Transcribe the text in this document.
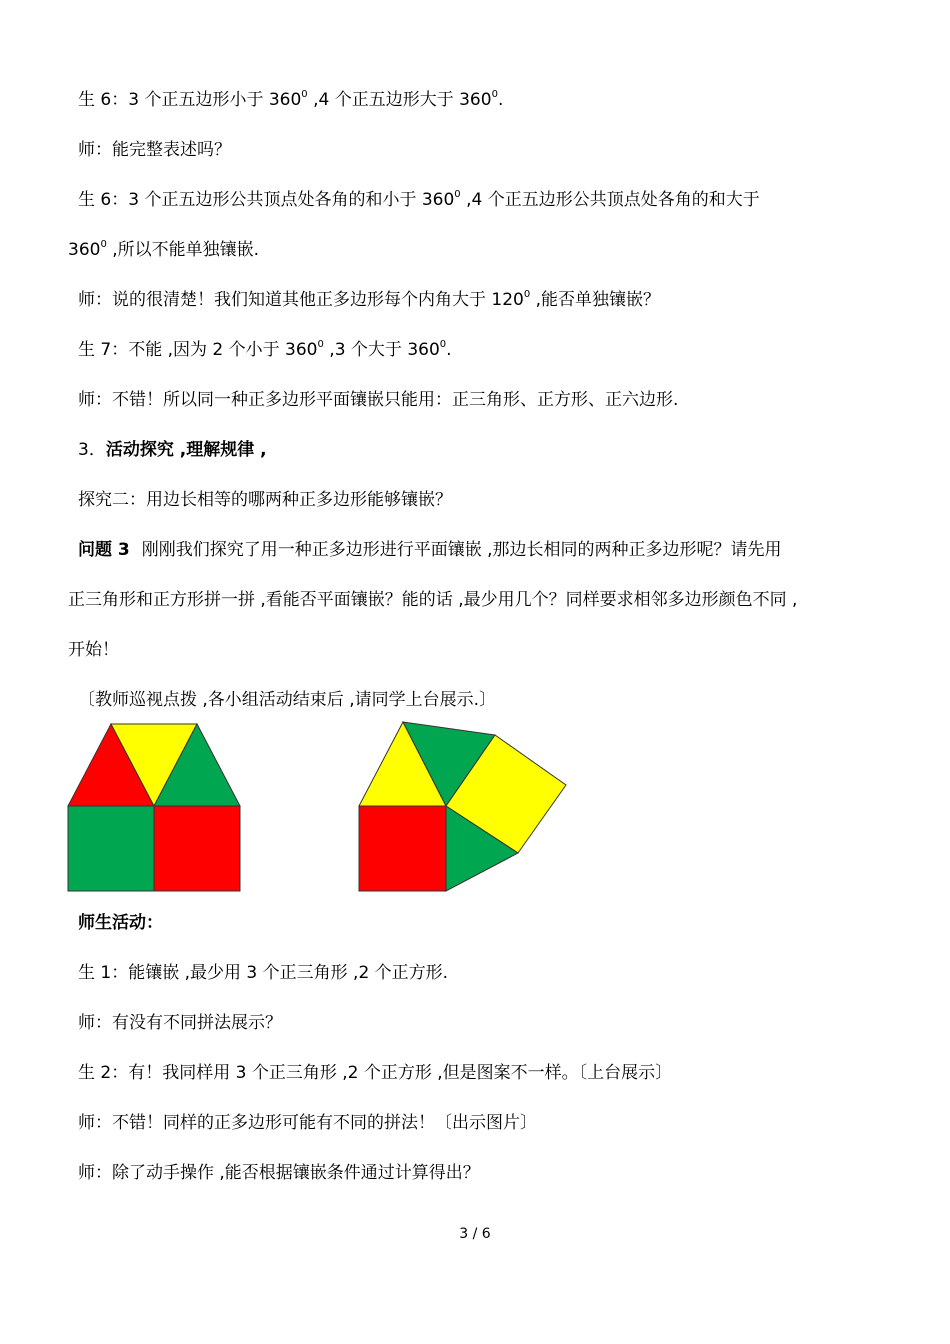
生 6：3 个正五边形小于 $360^0$ ,4 个正五边形大于 $360^0$.
师：能完整表述吗？
生 6：3 个正五边形公共顶点处各角的和小于 $360^0$ ,4 个正五边形公共顶点处各角的和大于
$360^0$ ,所以不能单独镶嵌.
师：说的很清楚！我们知道其他正多边形每个内角大于 $120^0$ ,能否单独镶嵌？
生 7：不能 ,因为 2 个小于 $360^0$ ,3 个大于 $360^0$.
师：不错！所以同一种正多边形平面镶嵌只能用：正三角形、正方形、正六边形.
3．活动探究 ,理解规律 ,
探究二：用边长相等的哪两种正多边形能够镶嵌？
问题 3 刚刚我们探究了用一种正多边形进行平面镶嵌 ,那边长相同的两种正多边形呢？请先用
正三角形和正方形拼一拼 ,看能否平面镶嵌？能的话 ,最少用几个？同样要求相邻多边形颜色不同 ,
开始！
〔教师巡视点拨 ,各小组活动结束后 ,请同学上台展示.〕
师生活动：
生 1：能镶嵌 ,最少用 3 个正三角形 ,2 个正方形.
师：有没有不同拼法展示？
生 2：有！我同样用 3 个正三角形 ,2 个正方形 ,但是图案不一样。〔上台展示〕
师：不错！同样的正多边形可能有不同的拼法！〔出示图片〕
师：除了动手操作 ,能否根据镶嵌条件通过计算得出？
3 / 6
